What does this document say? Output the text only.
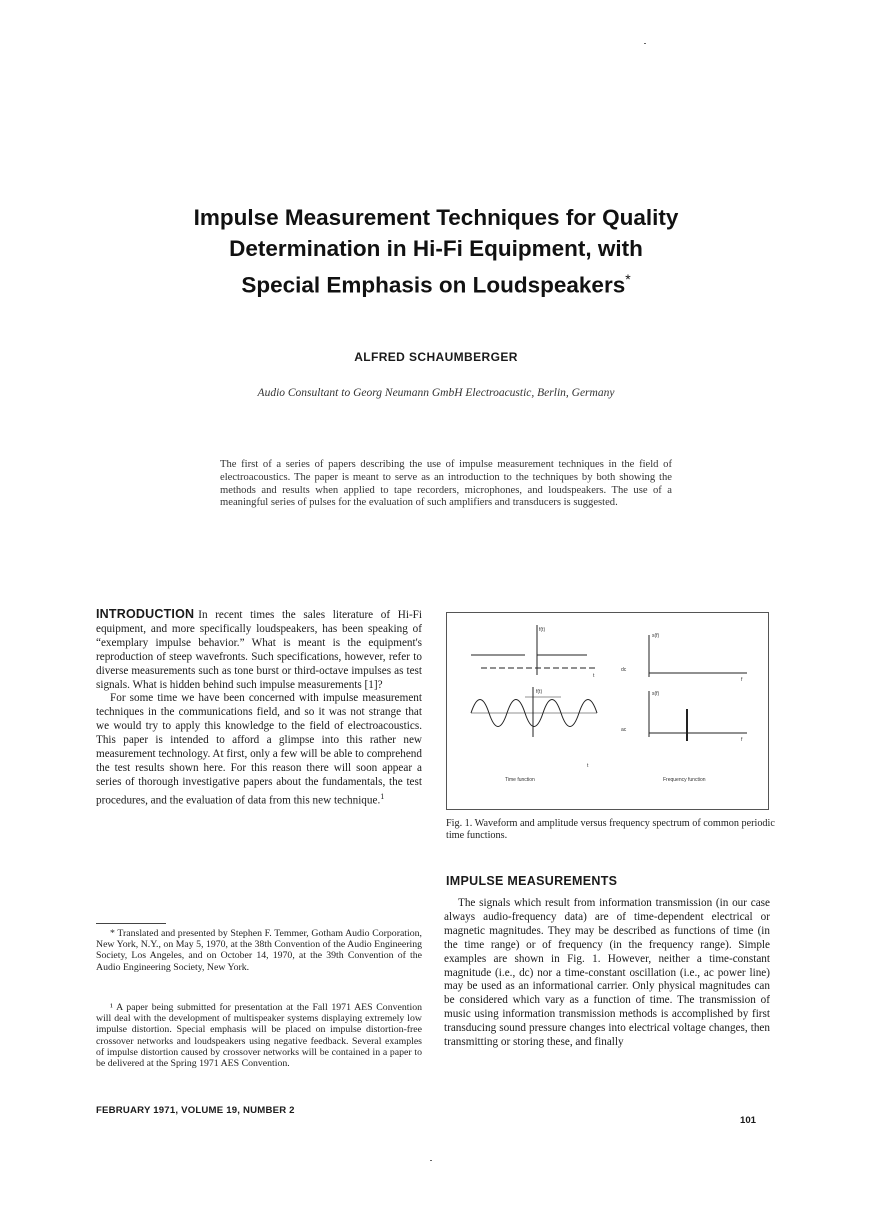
Impulse Measurement Techniques for Quality
Determination in Hi-Fi Equipment, with
Special Emphasis on Loudspeakers*
ALFRED SCHAUMBERGER
Audio Consultant to Georg Neumann GmbH Electroacustic, Berlin, Germany
The first of a series of papers describing the use of impulse measurement techniques in the field of electroacoustics. The paper is meant to serve as an introduction to the techniques by both showing the methods and results when applied to tape recorders, microphones, and loudspeakers. The use of a meaningful series of pulses for the evaluation of such amplifiers and transducers is suggested.

INTRODUCTION In recent times the sales literature of Hi-Fi equipment, and more specifically loudspeakers, has been speaking of “exemplary impulse behavior.” What is meant is the equipment's reproduction of steep wavefronts. Such specifications, however, refer to diverse measurements such as tone burst or third-octave impulses as test signals. What is hidden behind such impulse measurements [1]?

For some time we have been concerned with impulse measurement techniques in the communications field, and so it was not strange that we would try to apply this knowledge to the field of electroacoustics. This paper is intended to afford a glimpse into this rather new measurement technology. At first, only a few will be able to comprehend the test results shown here. For this reason there will soon appear a series of thorough investigative papers about the fundamentals, the test procedures, and the evaluation of data from this new technique.$^1$

* Translated and presented by Stephen F. Temmer, Gotham Audio Corporation, New York, N.Y., on May 5, 1970, at the 38th Convention of the Audio Engineering Society, Los Angeles, and on October 14, 1970, at the 39th Convention of the Audio Engineering Society, New York.

¹ A paper being submitted for presentation at the Fall 1971 AES Convention will deal with the development of multispeaker systems displaying extremely low impulse distortion. Special emphasis will be placed on impulse distortion-free crossover networks and loudspeakers using negative feedback. Several examples of impulse distortion caused by crossover networks will be contained in a paper to be delivered at the Spring 1971 AES Convention.

FEBRUARY 1971, VOLUME 19, NUMBER 2
101
f(t)
s(f)
dc
t
f
f(t)	s(f)
ac
t
f
Time function	Frequency function
Fig. 1. Waveform and amplitude versus frequency spectrum of common periodic time functions.
IMPULSE MEASUREMENTS

The signals which result from information transmission (in our case always audio-frequency data) are of time-dependent electrical or magnetic magnitudes. They may be described as functions of time (in the time range) or of frequency (in the frequency range). Simple examples are shown in Fig. 1. However, neither a time-constant magnitude (i.e., dc) nor a time-constant oscillation (i.e., ac power line) may be used as an informational carrier. Only physical magnitudes can be considered which vary as a function of time. The transmission of music using information transmission methods is accomplished by first transducing sound pressure changes into electrical voltage changes, then transmitting or storing these, and finally
